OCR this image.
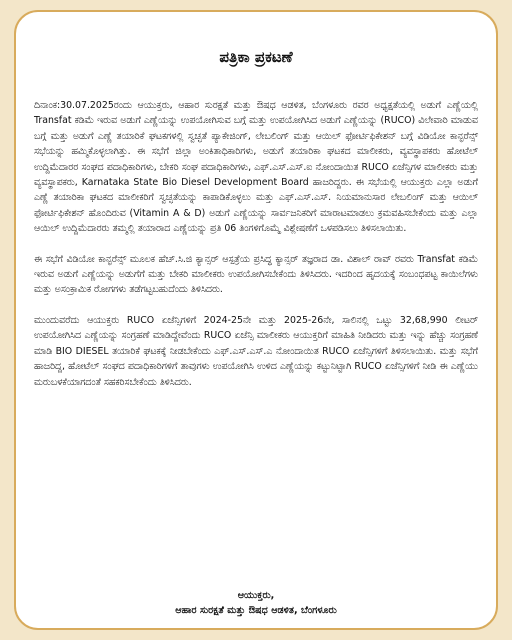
ಪತ್ರಿಕಾ ಪ್ರಕಟಣೆ

ದಿನಾಂಕ:30.07.2025ರಂದು ಆಯುಕ್ತರು, ಆಹಾರ ಸುರಕ್ಷತೆ ಮತ್ತು ಔಷಧ ಆಡಳಿತ, ಬೆಂಗಳೂರು ರವರ ಅಧ್ಯಕ್ಷತೆಯಲ್ಲಿ ಅಡುಗೆ ಎಣ್ಣೆಯಲ್ಲಿ Transfat ಕಡಿಮೆ ಇರುವ ಅಡುಗೆ ಎಣ್ಣೆಯನ್ನು ಉಪಯೋಗಿಸುವ ಬಗ್ಗೆ ಮತ್ತು ಉಪಯೋಗಿಸಿದ ಅಡುಗೆ ಎಣ್ಣೆಯನ್ನು (RUCO) ವಿಲೇವಾರಿ ಮಾಡುವ ಬಗ್ಗೆ ಮತ್ತು ಅಡುಗೆ ಎಣ್ಣೆ ತಯಾರಿಕೆ ಘಟಕಗಳಲ್ಲಿ ಸ್ವಚ್ಛತೆ ಪ್ಯಾಕೇಜಿಂಗ್, ಲೇಬಲಿಂಗ್ ಮತ್ತು ಆಯಿಲ್ ಫೋರ್ಟಿಫಿಕೇಶನ್ ಬಗ್ಗೆ ವಿಡಿಯೋ ಕಾನ್ಫರೆನ್ಸ್ ಸಭೆಯನ್ನು ಹಮ್ಮಿಕೊಳ್ಳಲಾಗಿತ್ತು. ಈ ಸಭೆಗೆ ಜಿಲ್ಲಾ ಅಂಕಿತಾಧಿಕಾರಿಗಳು, ಅಡುಗೆ ತಯಾರಿಕಾ ಘಟಕದ ಮಾಲೀಕರು, ವ್ಯವಸ್ಥಾಪಕರು ಹೋಟೆಲ್ ಉದ್ದಿಮೆದಾರರ ಸಂಘದ ಪದಾಧಿಕಾರಿಗಳು, ಬೇಕರಿ ಸಂಘ ಪದಾಧಿಕಾರಿಗಳು, ಎಫ್.ಎಸ್.ಎಸ್.ಐ ನೋಂದಾಯಿತ RUCO ಏಜೆನ್ಸಿಗಳ ಮಾಲೀಕರು ಮತ್ತು ವ್ಯವಸ್ಥಾಪಕರು, Karnataka State Bio Diesel Development Board ಹಾಜರಿದ್ದರು. ಈ ಸಭೆಯಲ್ಲಿ ಆಯುಕ್ತರು ಎಲ್ಲಾ ಅಡುಗೆ ಎಣ್ಣೆ ತಯಾರಿಕಾ ಘಟಕದ ಮಾಲೀಕರಿಗೆ ಸ್ವಚ್ಛತೆಯನ್ನು ಕಾಪಾಡಿಕೊಳ್ಳಲು ಮತ್ತು ಎಫ್.ಎಸ್.ಎಸ್. ನಿಯಮಾನುಸಾರ ಲೇಬಲಿಂಗ್ ಮತ್ತು ಆಯಿಲ್ ಫೋರ್ಟಿಫಿಕೇಶನ್ ಹೊಂದಿರುವ (Vitamin A & D) ಅಡುಗೆ ಎಣ್ಣೆಯನ್ನು ಸಾರ್ವಜನಿಕರಿಗೆ ಮಾರಾಟಮಾಡಲು ಕ್ರಮವಹಿಸಬೇಕೆಂದು ಮತ್ತು ಎಲ್ಲಾ ಆಯಿಲ್ ಉದ್ದಿಮೆದಾರರು ತಮ್ಮಲ್ಲಿ ತಯಾರಾದ ಎಣ್ಣೆಯನ್ನು ಪ್ರತಿ 06 ತಿಂಗಳಿಗೊಮ್ಮೆ ವಿಶ್ಲೇಷಣೆಗೆ ಒಳಪಡಿಸಲು ತಿಳಿಸಲಾಯಿತು.

ಈ ಸಭೆಗೆ ವಿಡಿಯೋ ಕಾನ್ಫರೆನ್ಸ್ ಮೂಲಕ ಹೆಚ್.ಸಿ.ಜಿ ಕ್ಯಾನ್ಸರ್ ಆಸ್ಪತ್ರೆಯ ಪ್ರಸಿದ್ಧ ಕ್ಯಾನ್ಸರ್ ತಜ್ಞರಾದ ಡಾ. ವಿಶಾಲ್ ರಾವ್ ರವರು Transfat ಕಡಿಮೆ ಇರುವ ಅಡುಗೆ ಎಣ್ಣೆಯನ್ನು ಅಡುಗೆಗೆ ಮತ್ತು ಬೇಕರಿ ಮಾಲೀಕರು ಉಪಯೋಗಿಸಬೇಕೆಂದು ತಿಳಿಸಿದರು. ಇದರಿಂದ ಹೃದಯಕ್ಕೆ ಸಂಬಂಧಪಟ್ಟ ಕಾಯಿಲೆಗಳು ಮತ್ತು ಅಸಂಕ್ರಾಮಿಕ ರೋಗಗಳು ತಡೆಗಟ್ಟಬಹುದೆಂದು ತಿಳಿಸಿದರು.

ಮುಂದುವರೆದು ಆಯುಕ್ತರು RUCO ಏಜೆನ್ಸಿಗಳಿಗೆ 2024-25ನೇ ಮತ್ತು 2025-26ನೇ, ಸಾಲಿನಲ್ಲಿ ಒಟ್ಟು 32,68,990 ಲೀಟರ್ ಉಪಯೋಗಿಸಿದ ಎಣ್ಣೆಯನ್ನು ಸಂಗ್ರಹಣೆ ಮಾಡಿದ್ದೇವೆಂದು RUCO ಏಜೆನ್ಸಿ ಮಾಲೀಕರು ಆಯುಕ್ತರಿಗೆ ಮಾಹಿತಿ ನೀಡಿದರು ಮತ್ತು ಇನ್ನು ಹೆಚ್ಚು ಸಂಗ್ರಹಣೆ ಮಾಡಿ BIO DIESEL ತಯಾರಿಕೆ ಘಟಕಕ್ಕೆ ನೀಡಬೇಕೆಂದು ಎಫ್.ಎಸ್.ಎಸ್.ಎ ನೋಂದಾಯಿತ RUCO ಏಜೆನ್ಸಿಗಳಿಗೆ ತಿಳಿಸಲಾಯಿತು. ಮತ್ತು ಸಭೆಗೆ ಹಾಜರಿದ್ದ, ಹೋಟೆಲ್ ಸಂಘದ ಪದಾಧಿಕಾರಿಗಳಿಗೆ ತಾವುಗಳು ಉಪಯೋಗಿಸಿ ಉಳಿದ ಎಣ್ಣೆಯನ್ನು ಕಟ್ಟುನಿಟ್ಟಾಗಿ RUCO ಏಜೆನ್ಸಿಗಳಿಗೆ ನೀಡಿ ಈ ಎಣ್ಣೆಯು ಮರುಬಳಕೆಯಾಗದಂತೆ ಸಹಕರಿಸಬೇಕೆಂದು ತಿಳಿಸಿದರು.

ಆಯುಕ್ತರು,
ಆಹಾರ ಸುರಕ್ಷತೆ ಮತ್ತು ಔಷಧ ಆಡಳಿತ, ಬೆಂಗಳೂರು
